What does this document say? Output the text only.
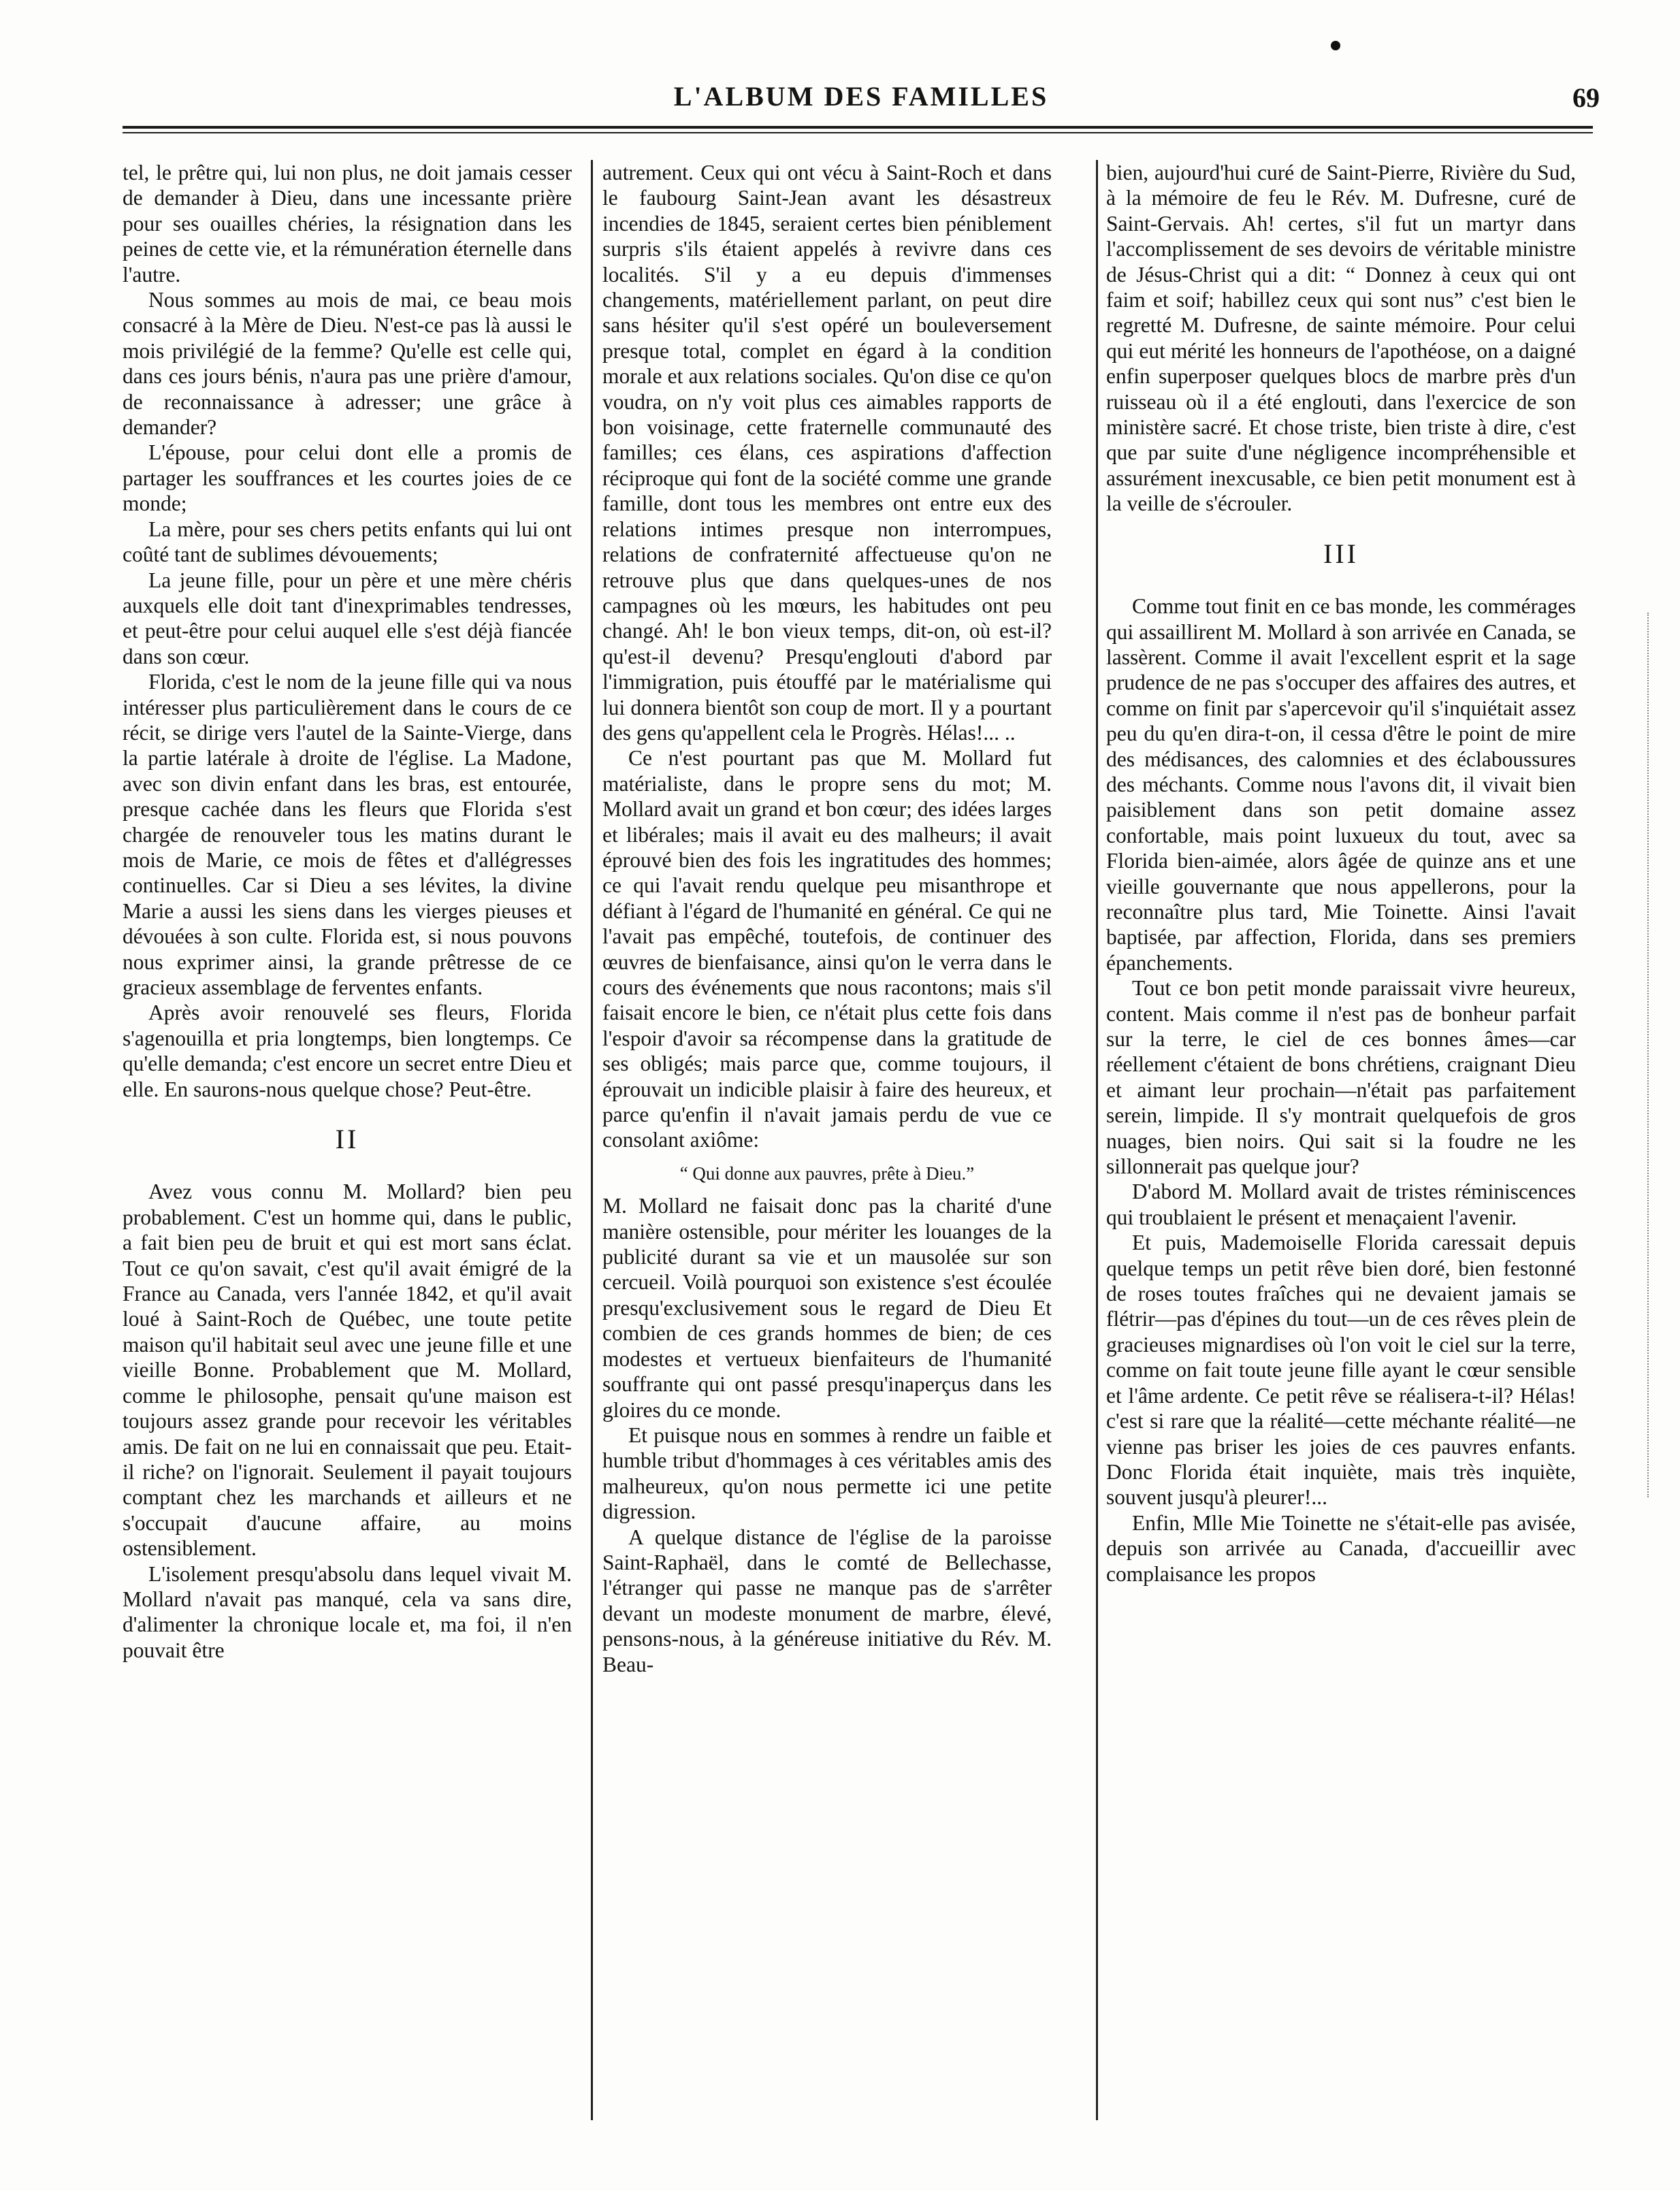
L'ALBUM DES FAMILLES	69

tel, le prêtre qui, lui non plus, ne doit jamais cesser de demander à Dieu, dans une incessante prière pour ses ouailles chéries, la résignation dans les peines de cette vie, et la rémunération éternelle dans l'autre.

Nous sommes au mois de mai, ce beau mois consacré à la Mère de Dieu. N'est-ce pas là aussi le mois privilégié de la femme? Qu'elle est celle qui, dans ces jours bénis, n'aura pas une prière d'amour, de reconnaissance à adresser; une grâce à demander?

L'épouse, pour celui dont elle a promis de partager les souffrances et les courtes joies de ce monde;

La mère, pour ses chers petits enfants qui lui ont coûté tant de sublimes dévouements;

La jeune fille, pour un père et une mère chéris auxquels elle doit tant d'inexprimables tendresses, et peut-être pour celui auquel elle s'est déjà fiancée dans son cœur.

Florida, c'est le nom de la jeune fille qui va nous intéresser plus particulièrement dans le cours de ce récit, se dirige vers l'autel de la Sainte-Vierge, dans la partie latérale à droite de l'église. La Madone, avec son divin enfant dans les bras, est entourée, presque cachée dans les fleurs que Florida s'est chargée de renouveler tous les matins durant le mois de Marie, ce mois de fêtes et d'allégresses continuelles. Car si Dieu a ses lévites, la divine Marie a aussi les siens dans les vierges pieuses et dévouées à son culte. Florida est, si nous pouvons nous exprimer ainsi, la grande prêtresse de ce gracieux assemblage de ferventes enfants.

Après avoir renouvelé ses fleurs, Florida s'agenouilla et pria longtemps, bien longtemps. Ce qu'elle demanda; c'est encore un secret entre Dieu et elle. En saurons-nous quelque chose? Peut-être.

II

Avez vous connu M. Mollard? bien peu probablement. C'est un homme qui, dans le public, a fait bien peu de bruit et qui est mort sans éclat. Tout ce qu'on savait, c'est qu'il avait émigré de la France au Canada, vers l'année 1842, et qu'il avait loué à Saint-Roch de Québec, une toute petite maison qu'il habitait seul avec une jeune fille et une vieille Bonne. Probablement que M. Mollard, comme le philosophe, pensait qu'une maison est toujours assez grande pour recevoir les véritables amis. De fait on ne lui en connaissait que peu. Etait-il riche? on l'ignorait. Seulement il payait toujours comptant chez les marchands et ailleurs et ne s'occupait d'aucune affaire, au moins ostensiblement.

L'isolement presqu'absolu dans lequel vivait M. Mollard n'avait pas manqué, cela va sans dire, d'alimenter la chronique locale et, ma foi, il n'en pouvait être

autrement. Ceux qui ont vécu à Saint-Roch et dans le faubourg Saint-Jean avant les désastreux incendies de 1845, seraient certes bien péniblement surpris s'ils étaient appelés à revivre dans ces localités. S'il y a eu depuis d'immenses changements, matériellement parlant, on peut dire sans hésiter qu'il s'est opéré un bouleversement presque total, complet en égard à la condition morale et aux relations sociales. Qu'on dise ce qu'on voudra, on n'y voit plus ces aimables rapports de bon voisinage, cette fraternelle communauté des familles; ces élans, ces aspirations d'affection réciproque qui font de la société comme une grande famille, dont tous les membres ont entre eux des relations intimes presque non interrompues, relations de confraternité affectueuse qu'on ne retrouve plus que dans quelques-unes de nos campagnes où les mœurs, les habitudes ont peu changé. Ah! le bon vieux temps, dit-on, où est-il? qu'est-il devenu? Presqu'englouti d'abord par l'immigration, puis étouffé par le matérialisme qui lui donnera bientôt son coup de mort. Il y a pourtant des gens qu'appellent cela le Progrès. Hélas!... ..

Ce n'est pourtant pas que M. Mollard fut matérialiste, dans le propre sens du mot; M. Mollard avait un grand et bon cœur; des idées larges et libérales; mais il avait eu des malheurs; il avait éprouvé bien des fois les ingratitudes des hommes; ce qui l'avait rendu quelque peu misanthrope et défiant à l'égard de l'humanité en général. Ce qui ne l'avait pas empêché, toutefois, de continuer des œuvres de bienfaisance, ainsi qu'on le verra dans le cours des événements que nous racontons; mais s'il faisait encore le bien, ce n'était plus cette fois dans l'espoir d'avoir sa récompense dans la gratitude de ses obligés; mais parce que, comme toujours, il éprouvait un indicible plaisir à faire des heureux, et parce qu'enfin il n'avait jamais perdu de vue ce consolant axiôme:

“ Qui donne aux pauvres, prête à Dieu.”

M. Mollard ne faisait donc pas la charité d'une manière ostensible, pour mériter les louanges de la publicité durant sa vie et un mausolée sur son cercueil. Voilà pourquoi son existence s'est écoulée presqu'exclusivement sous le regard de Dieu Et combien de ces grands hommes de bien; de ces modestes et vertueux bienfaiteurs de l'humanité souffrante qui ont passé presqu'inaperçus dans les gloires du ce monde.

Et puisque nous en sommes à rendre un faible et humble tribut d'hommages à ces véritables amis des malheureux, qu'on nous permette ici une petite digression.

A quelque distance de l'église de la paroisse Saint-Raphaël, dans le comté de Bellechasse, l'étranger qui passe ne manque pas de s'arrêter devant un modeste monument de marbre, élevé, pensons-nous, à la généreuse initiative du Rév. M. Beau-

bien, aujourd'hui curé de Saint-Pierre, Rivière du Sud, à la mémoire de feu le Rév. M. Dufresne, curé de Saint-Gervais. Ah! certes, s'il fut un martyr dans l'accomplissement de ses devoirs de véritable ministre de Jésus-Christ qui a dit: “ Donnez à ceux qui ont faim et soif; habillez ceux qui sont nus” c'est bien le regretté M. Dufresne, de sainte mémoire. Pour celui qui eut mérité les honneurs de l'apothéose, on a daigné enfin superposer quelques blocs de marbre près d'un ruisseau où il a été englouti, dans l'exercice de son ministère sacré. Et chose triste, bien triste à dire, c'est que par suite d'une négligence incompréhensible et assurément inexcusable, ce bien petit monument est à la veille de s'écrouler.

III

Comme tout finit en ce bas monde, les commérages qui assaillirent M. Mollard à son arrivée en Canada, se lassèrent. Comme il avait l'excellent esprit et la sage prudence de ne pas s'occuper des affaires des autres, et comme on finit par s'apercevoir qu'il s'inquiétait assez peu du qu'en dira-t-on, il cessa d'être le point de mire des médisances, des calomnies et des éclaboussures des méchants. Comme nous l'avons dit, il vivait bien paisiblement dans son petit domaine assez confortable, mais point luxueux du tout, avec sa Florida bien-aimée, alors âgée de quinze ans et une vieille gouvernante que nous appellerons, pour la reconnaître plus tard, Mie Toinette. Ainsi l'avait baptisée, par affection, Florida, dans ses premiers épanchements.

Tout ce bon petit monde paraissait vivre heureux, content. Mais comme il n'est pas de bonheur parfait sur la terre, le ciel de ces bonnes âmes—car réellement c'étaient de bons chrétiens, craignant Dieu et aimant leur prochain—n'était pas parfaitement serein, limpide. Il s'y montrait quelquefois de gros nuages, bien noirs. Qui sait si la foudre ne les sillonnerait pas quelque jour?

D'abord M. Mollard avait de tristes réminiscences qui troublaient le présent et menaçaient l'avenir.

Et puis, Mademoiselle Florida caressait depuis quelque temps un petit rêve bien doré, bien festonné de roses toutes fraîches qui ne devaient jamais se flétrir—pas d'épines du tout—un de ces rêves plein de gracieuses mignardises où l'on voit le ciel sur la terre, comme on fait toute jeune fille ayant le cœur sensible et l'âme ardente. Ce petit rêve se réalisera-t-il? Hélas! c'est si rare que la réalité—cette méchante réalité—ne vienne pas briser les joies de ces pauvres enfants. Donc Florida était inquiète, mais très inquiète, souvent jusqu'à pleurer!...

Enfin, Mlle Mie Toinette ne s'était-elle pas avisée, depuis son arrivée au Canada, d'accueillir avec complaisance les propos
